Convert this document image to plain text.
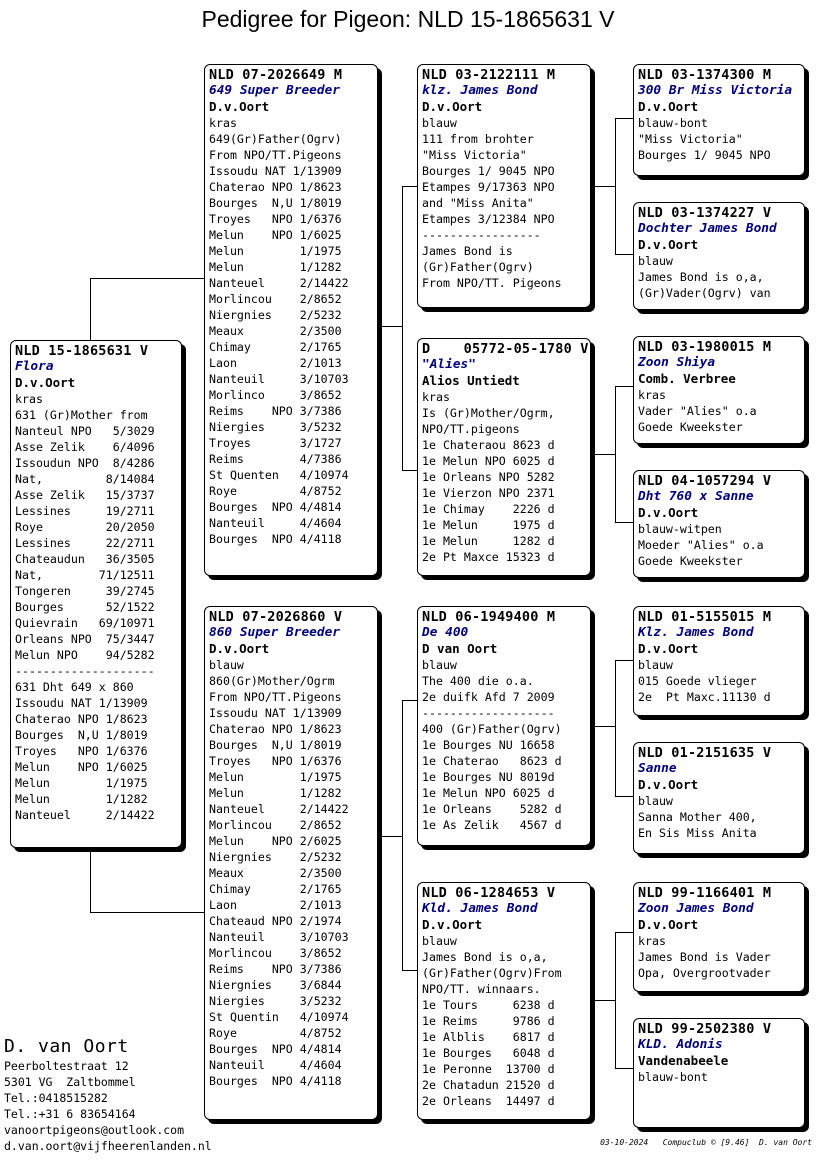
Pedigree for Pigeon: NLD 15-1865631 V
NLD 15-1865631 V
Flora
D.v.Oort
kras
631 (Gr)Mother from
Nanteul NPO   5/3029
Asse Zelik    6/4096
Issoudun NPO  8/4286
Nat,         8/14084
Asse Zelik   15/3737
Lessines     19/2711
Roye         20/2050
Lessines     22/2711
Chateaudun   36/3505
Nat,        71/12511
Tongeren     39/2745
Bourges      52/1522
Quievrain   69/10971
Orleans NPO  75/3447
Melun NPO    94/5282
--------------------
631 Dht 649 x 860
Issoudu NAT 1/13909
Chaterao NPO 1/8623
Bourges  N,U 1/8019
Troyes   NPO 1/6376
Melun    NPO 1/6025
Melun        1/1975
Melun        1/1282
Nanteuel     2/14422
NLD 07-2026649 M
649 Super Breeder
D.v.Oort
kras
649(Gr)Father(Ogrv)
From NPO/TT.Pigeons
Issoudu NAT 1/13909
Chaterao NPO 1/8623
Bourges  N,U 1/8019
Troyes   NPO 1/6376
Melun    NPO 1/6025
Melun        1/1975
Melun        1/1282
Nanteuel     2/14422
Morlincou    2/8652
Niergnies    2/5232
Meaux        2/3500
Chimay       2/1765
Laon         2/1013
Nanteuil     3/10703
Morlinco     3/8652
Reims    NPO 3/7386
Niergies     3/5232
Troyes       3/1727
Reims        4/7386
St Quenten   4/10974
Roye         4/8752
Bourges  NPO 4/4814
Nanteuil     4/4604
Bourges  NPO 4/4118
NLD 07-2026860 V
860 Super Breeder
D.v.Oort
blauw
860(Gr)Mother/Ogrm
From NPO/TT.Pigeons
Issoudu NAT 1/13909
Chaterao NPO 1/8623
Bourges  N,U 1/8019
Troyes   NPO 1/6376
Melun        1/1975
Melun        1/1282
Nanteuel     2/14422
Morlincou    2/8652
Melun    NPO 2/6025
Niergnies    2/5232
Meaux        2/3500
Chimay       2/1765
Laon         2/1013
Chateaud NPO 2/1974
Nanteuil     3/10703
Morlincou    3/8652
Reims    NPO 3/7386
Niergnies    3/6844
Niergies     3/5232
St Quentin   4/10974
Roye         4/8752
Bourges  NPO 4/4814
Nanteuil     4/4604
Bourges  NPO 4/4118
NLD 03-2122111 M
klz. James Bond
D.v.Oort
blauw
111 from brohter
"Miss Victoria"
Bourges 1/ 9045 NPO
Etampes 9/17363 NPO
and "Miss Anita"
Etampes 3/12384 NPO
-----------------
James Bond is
(Gr)Father(Ogrv)
From NPO/TT. Pigeons
D    05772-05-1780 V
"Alies"
Alios Untiedt
kras
Is (Gr)Mother/Ogrm,
NPO/TT.pigeons
1e Chaterаou 8623 d
1e Melun NPO 6025 d
1e Orleans NPO 5282
1e Vierzon NPO 2371
1e Chimay    2226 d
1e Melun     1975 d
1e Melun     1282 d
2e Pt Maxce 15323 d
NLD 06-1949400 M
De 400
D van Oort
blauw
The 400 die o.a.
2e duifk Afd 7 2009
-------------------
400 (Gr)Father(Ogrv)
1e Bourges NU 16658
1e Chaterao   8623 d
1e Bourges NU 8019d
1e Melun NPO 6025 d
1e Orleans    5282 d
1e As Zelik   4567 d
NLD 06-1284653 V
Kld. James Bond
D.v.Oort
blauw
James Bond is o,a,
(Gr)Father(Ogrv)From
NPO/TT. winnaars.
1e Tours     6238 d
1e Reims     9786 d
1e Alblis    6817 d
1e Bourges   6048 d
1e Peronne  13700 d
2e Chatadun 21520 d
2e Orleans  14497 d
NLD 03-1374300 M
300 Br Miss Victoria
D.v.Oort
blauw-bont
"Miss Victoria"
Bourges 1/ 9045 NPO
NLD 03-1374227 V
Dochter James Bond
D.v.Oort
blauw
James Bond is o,a,
(Gr)Vader(Ogrv) van
NLD 03-1980015 M
Zoon Shiya
Comb. Verbree
kras
Vader "Alies" o.a
Goede Kweekster
NLD 04-1057294 V
Dht 760 x Sanne
D.v.Oort
blauw-witpen
Moeder "Alies" o.a
Goede Kweekster
NLD 01-5155015 M
Klz. James Bond
D.v.Oort
blauw
015 Goede vlieger
2e  Pt Maxc.11130 d
NLD 01-2151635 V
Sanne
D.v.Oort
blauw
Sanna Mother 400,
En Sis Miss Anita
NLD 99-1166401 M
Zoon James Bond
D.v.Oort
kras
James Bond is Vader
Opa, Overgrootvader
NLD 99-2502380 V
KLD. Adonis
Vandenabeele
blauw-bont
D. van Oort
Peerboltestraat 12
5301 VG  Zaltbommel
Tel.:0418515282
Tel.:+31 6 83654164
vanoortpigeons@outlook.com
d.van.oort@vijfheerenlanden.nl	03-10-2024   Compuclub © [9.46]  D. van Oort
